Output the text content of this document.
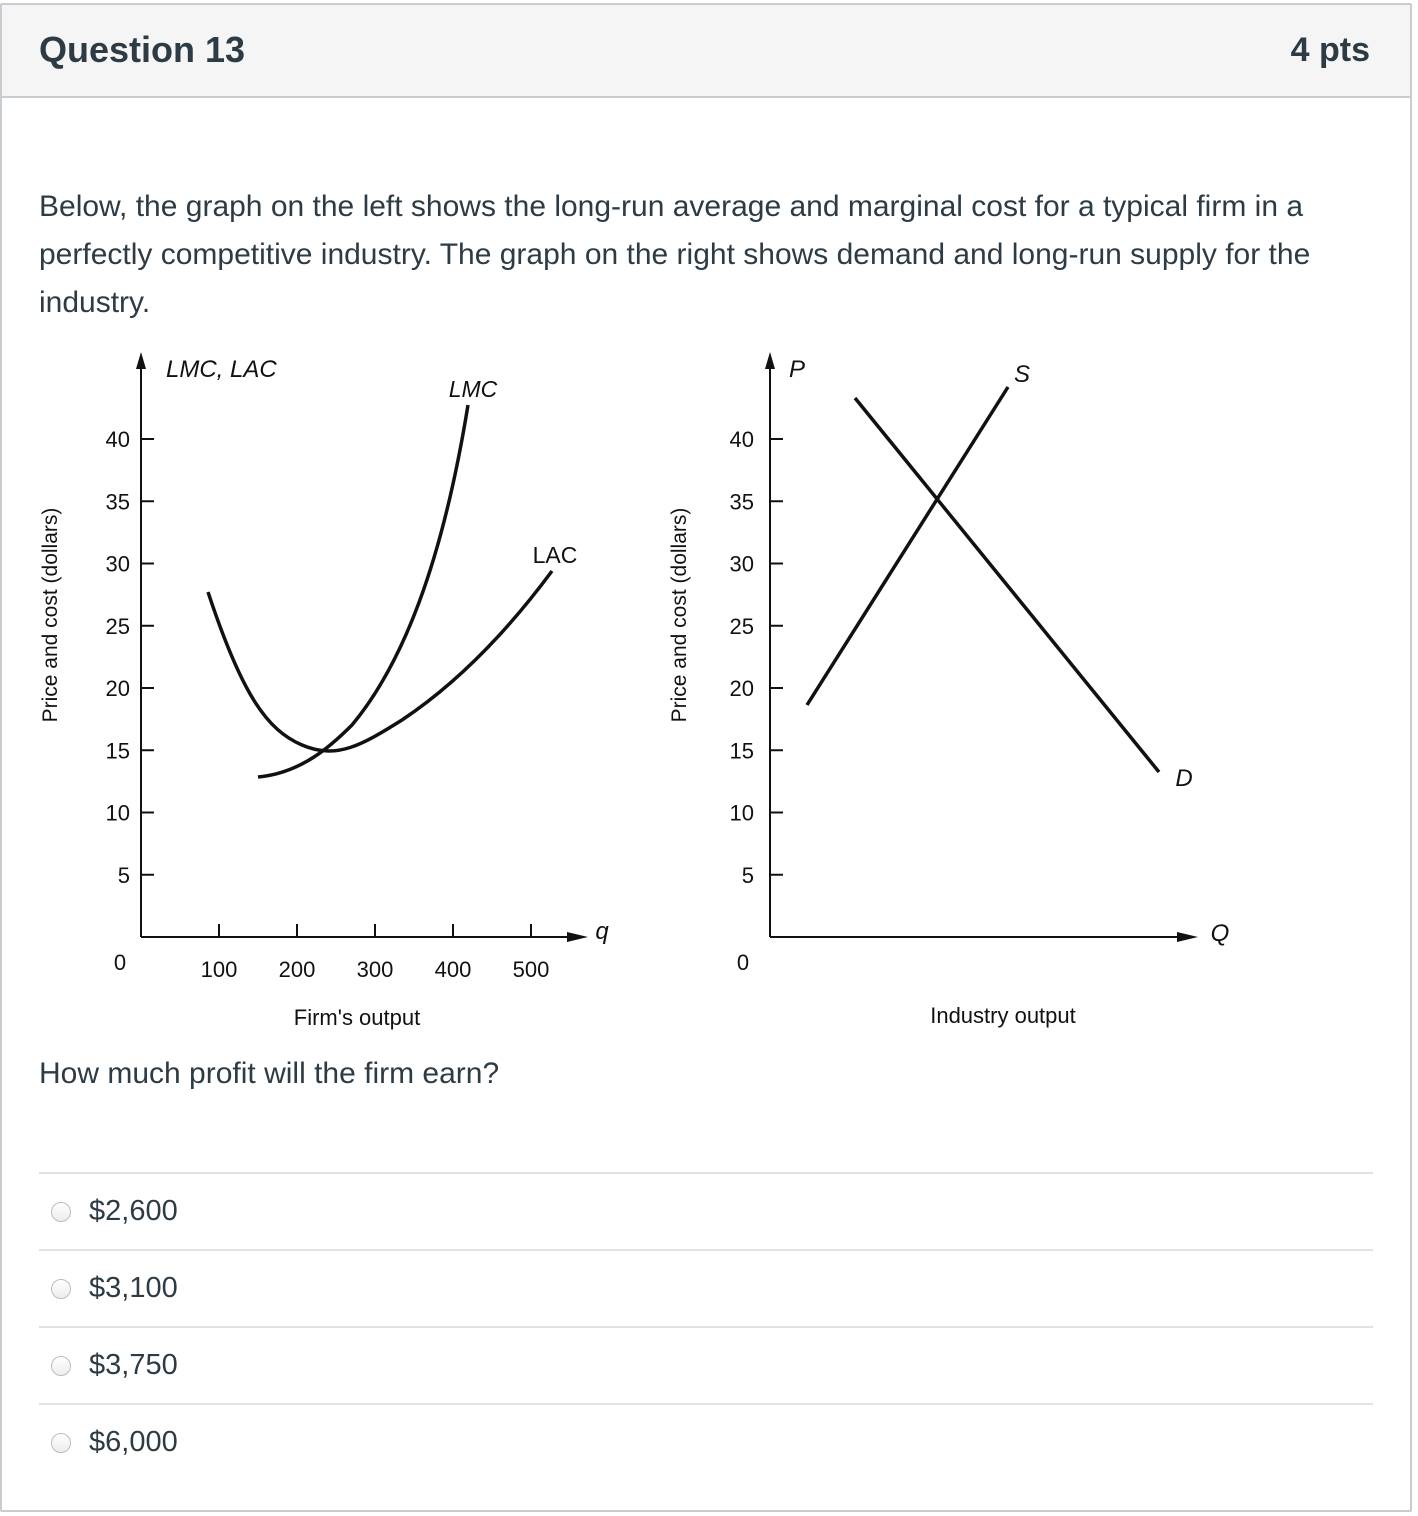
Question 13	4 pts
Below, the graph on the left shows the long-run average and marginal cost for a typical firm in a perfectly competitive industry. The graph on the right shows demand and long-run supply for the industry.
LMC, LAC
Price and cost (dollars)
0
q
Firm's output
5
10
15
20
25
30
35
40
100 200 300 400 500
LMC
LAC
P
Price and cost (dollars)
0
Q
Industry output
5
10
15
20
25
30
35
40
S
D
How much profit will the firm earn?
$2,600
$3,100
$3,750
$6,000
